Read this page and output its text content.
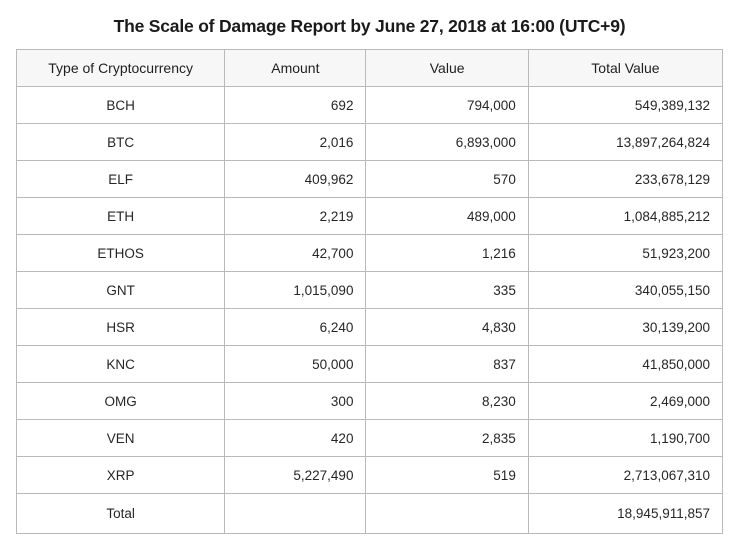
The Scale of Damage Report by June 27, 2018 at 16:00 (UTC+9)
Type of Cryptocurrency	Amount	Value	Total Value
BCH	692	794,000	549,389,132
BTC	2,016	6,893,000	13,897,264,824
ELF	409,962	570	233,678,129
ETH	2,219	489,000	1,084,885,212
ETHOS	42,700	1,216	51,923,200
GNT	1,015,090	335	340,055,150
HSR	6,240	4,830	30,139,200
KNC	50,000	837	41,850,000
OMG	300	8,230	2,469,000
VEN	420	2,835	1,190,700
XRP	5,227,490	519	2,713,067,310
Total			18,945,911,857
